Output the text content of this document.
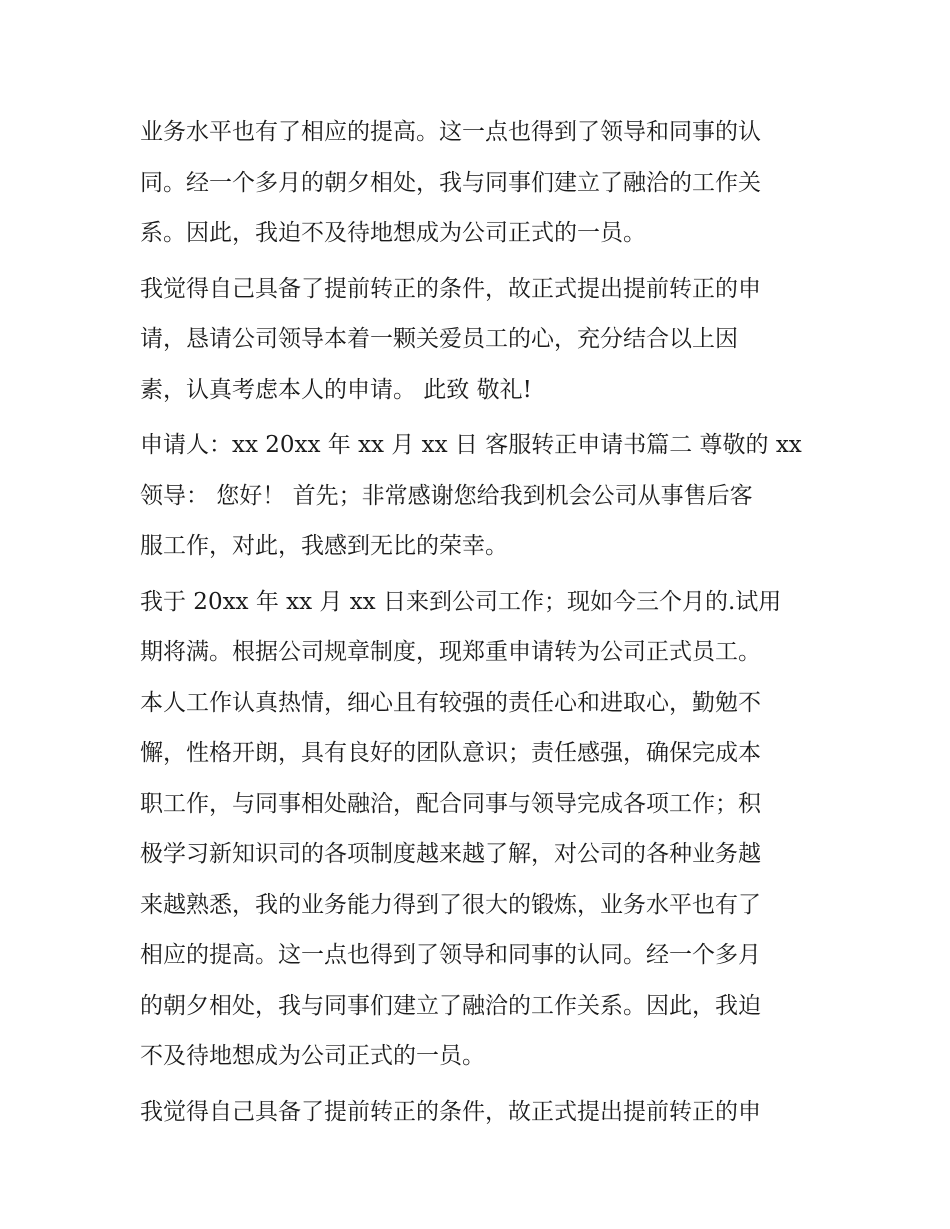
业务水平也有了相应的提高。这一点也得到了领导和同事的认
同。经一个多月的朝夕相处，我与同事们建立了融洽的工作关
系。因此，我迫不及待地想成为公司正式的一员。

我觉得自己具备了提前转正的条件，故正式提出提前转正的申
请，恳请公司领导本着一颗关爱员工的心，充分结合以上因
素，认真考虑本人的申请。 此致 敬礼!

申请人：xx 20xx 年 xx 月 xx 日 客服转正申请书篇二 尊敬的 xx
领导： 您好！ 首先；非常感谢您给我到机会公司从事售后客
服工作，对此，我感到无比的荣幸。

我于 20xx 年 xx 月 xx 日来到公司工作；现如今三个月的.试用
期将满。根据公司规章制度，现郑重申请转为公司正式员工。
本人工作认真热情，细心且有较强的责任心和进取心，勤勉不
懈，性格开朗，具有良好的团队意识；责任感强，确保完成本
职工作，与同事相处融洽，配合同事与领导完成各项工作；积
极学习新知识司的各项制度越来越了解，对公司的各种业务越
来越熟悉，我的业务能力得到了很大的锻炼，业务水平也有了
相应的提高。这一点也得到了领导和同事的认同。经一个多月
的朝夕相处，我与同事们建立了融洽的工作关系。因此，我迫
不及待地想成为公司正式的一员。

我觉得自己具备了提前转正的条件，故正式提出提前转正的申
